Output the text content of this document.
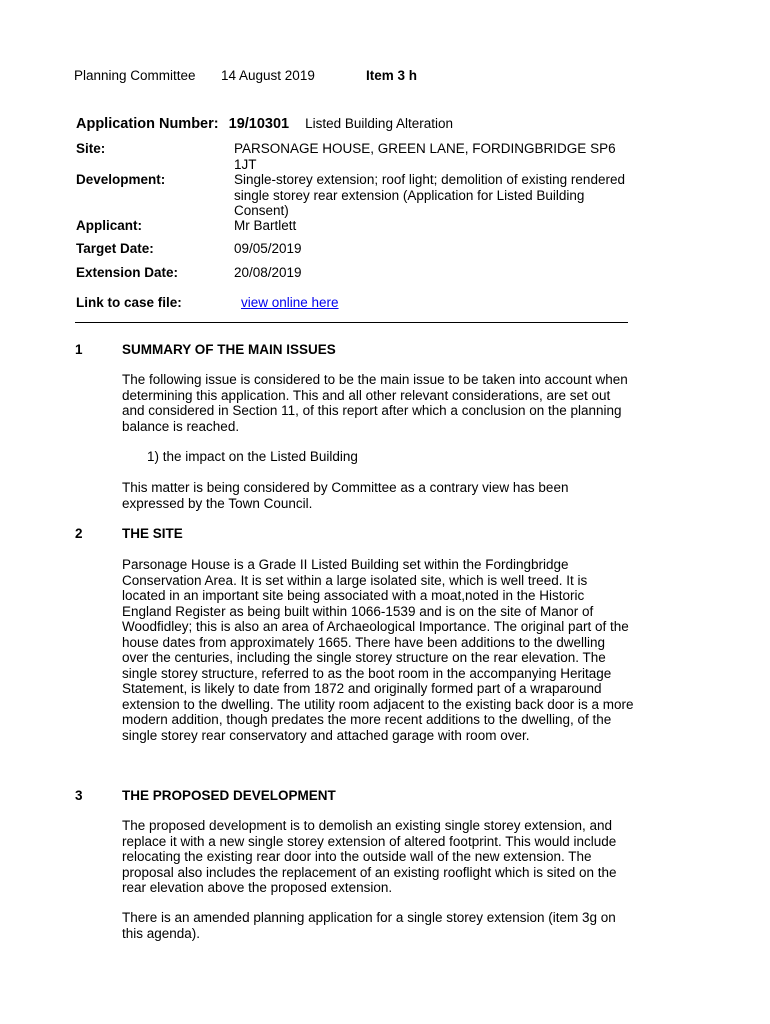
Planning Committee 14 August 2019	Item 3 h
Application Number: 19/10301 Listed Building Alteration
Site:	PARSONAGE HOUSE, GREEN LANE, FORDINGBRIDGE SP6 1JT
Development:	Single-storey extension; roof light; demolition of existing rendered single storey rear extension (Application for Listed Building Consent)
Applicant:	Mr Bartlett
Target Date:	09/05/2019
Extension Date:	20/08/2019
Link to case file:	view online here
1	SUMMARY OF THE MAIN ISSUES

The following issue is considered to be the main issue to be taken into account when determining this application. This and all other relevant considerations, are set out and considered in Section 11, of this report after which a conclusion on the planning balance is reached.

1) the impact on the Listed Building

This matter is being considered by Committee as a contrary view has been expressed by the Town Council.

2	THE SITE

Parsonage House is a Grade II Listed Building set within the Fordingbridge Conservation Area. It is set within a large isolated site, which is well treed. It is located in an important site being associated with a moat,noted in the Historic England Register as being built within 1066-1539 and is on the site of Manor of Woodfidley; this is also an area of Archaeological Importance. The original part of the house dates from approximately 1665. There have been additions to the dwelling over the centuries, including the single storey structure on the rear elevation. The single storey structure, referred to as the boot room in the accompanying Heritage Statement, is likely to date from 1872 and originally formed part of a wraparound extension to the dwelling. The utility room adjacent to the existing back door is a more modern addition, though predates the more recent additions to the dwelling, of the single storey rear conservatory and attached garage with room over.

3	THE PROPOSED DEVELOPMENT

The proposed development is to demolish an existing single storey extension, and replace it with a new single storey extension of altered footprint. This would include relocating the existing rear door into the outside wall of the new extension. The proposal also includes the replacement of an existing rooflight which is sited on the rear elevation above the proposed extension.

There is an amended planning application for a single storey extension (item 3g on this agenda).
